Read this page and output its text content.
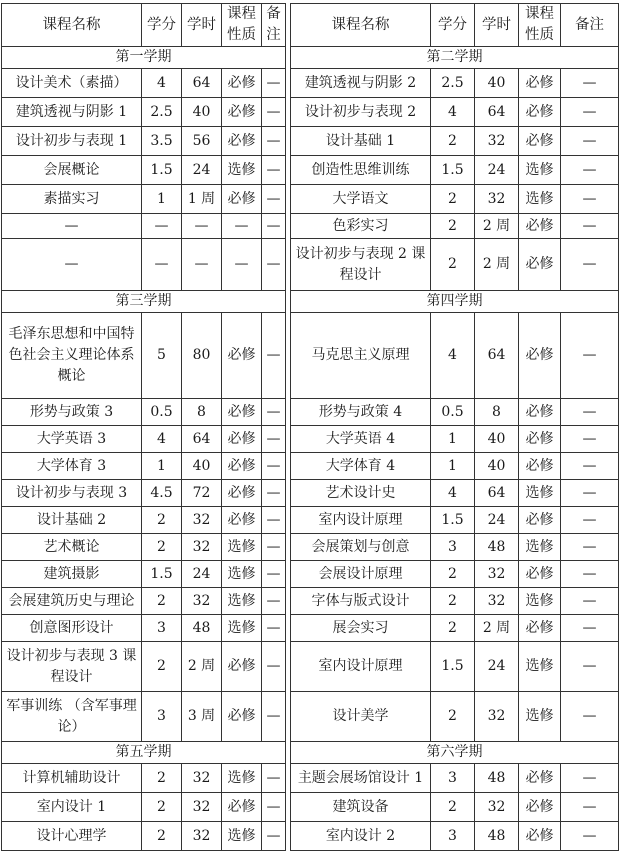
课程名称	学分	学时	课程性质	备注		课程名称	学分	学时	课程性质	备注
第一学期						第二学期				
设计美术（素描）	4	64	必修	—		建筑透视与阴影 2	2.5	40	必修	—
建筑透视与阴影 1	2.5	40	必修	—		设计初步与表现 2	4	64	必修	—
设计初步与表现 1	3.5	56	必修	—		设计基础 1	2	32	必修	—
会展概论	1.5	24	选修	—		创造性思维训练	1.5	24	选修	—
素描实习	1	1 周	必修	—		大学语文	2	32	选修	—
—	—	—	—	—		色彩实习	2	2 周	必修	—
—	—	—	—	—		设计初步与表现 2 课程设计	2	2 周	必修	—
第三学期						第四学期				
毛泽东思想和中国特色社会主义理论体系概论	5	80	必修	—		马克思主义原理	4	64	必修	—
形势与政策 3	0.5	8	必修	—		形势与政策 4	0.5	8	必修	—
大学英语 3	4	64	必修	—		大学英语 4	1	40	必修	—
大学体育 3	1	40	必修	—		大学体育 4	1	40	必修	—
设计初步与表现 3	4.5	72	必修	—		艺术设计史	4	64	选修	—
设计基础 2	2	32	必修	—		室内设计原理	1.5	24	必修	—
艺术概论	2	32	选修	—		会展策划与创意	3	48	选修	—
建筑摄影	1.5	24	选修	—		会展设计原理	2	32	必修	—
会展建筑历史与理论	2	32	选修	—		字体与版式设计	2	32	选修	—
创意图形设计	3	48	选修	—		展会实习	2	2 周	必修	—
设计初步与表现 3 课程设计	2	2 周	必修	—		室内设计原理	1.5	24	选修	—
军事训练 （含军事理论）	3	3 周	必修	—		设计美学	2	32	选修	—
第五学期						第六学期				
计算机辅助设计	2	32	选修	—		主题会展场馆设计 1	3	48	必修	—
室内设计 1	2	32	必修	—		建筑设备	2	32	必修	—
设计心理学	2	32	选修	—		室内设计 2	3	48	必修	—
